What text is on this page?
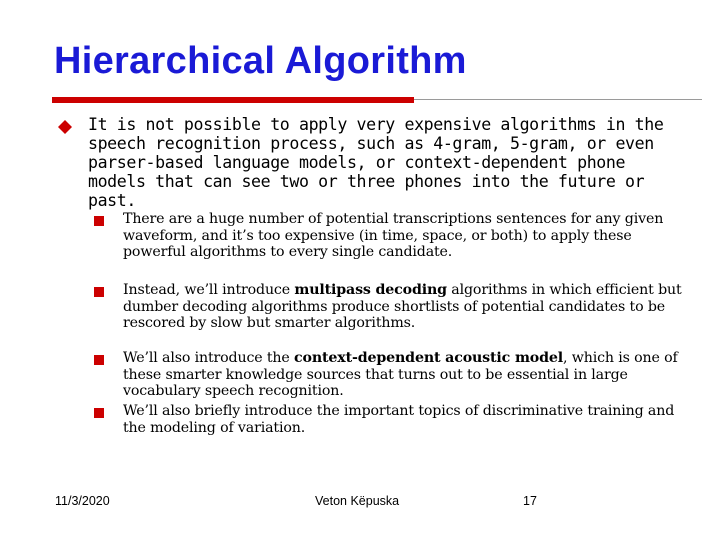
Hierarchical Algorithm
It is not possible to apply very expensive algorithms in the speech recognition process, such as 4-gram, 5-gram, or even parser-based language models, or context-dependent phone models that can see two or three phones into the future or past.
There are a huge number of potential transcriptions sentences for any given waveform, and it’s too expensive (in time, space, or both) to apply these powerful algorithms to every single candidate.
Instead, we’ll introduce multipass decoding algorithms in which efficient but dumber decoding algorithms produce shortlists of potential candidates to be rescored by slow but smarter algorithms.
We’ll also introduce the context-dependent acoustic model, which is one of these smarter knowledge sources that turns out to be essential in large vocabulary speech recognition.
We’ll also briefly introduce the important topics of discriminative training and the modeling of variation.
11/3/2020	Veton Këpuska	17
